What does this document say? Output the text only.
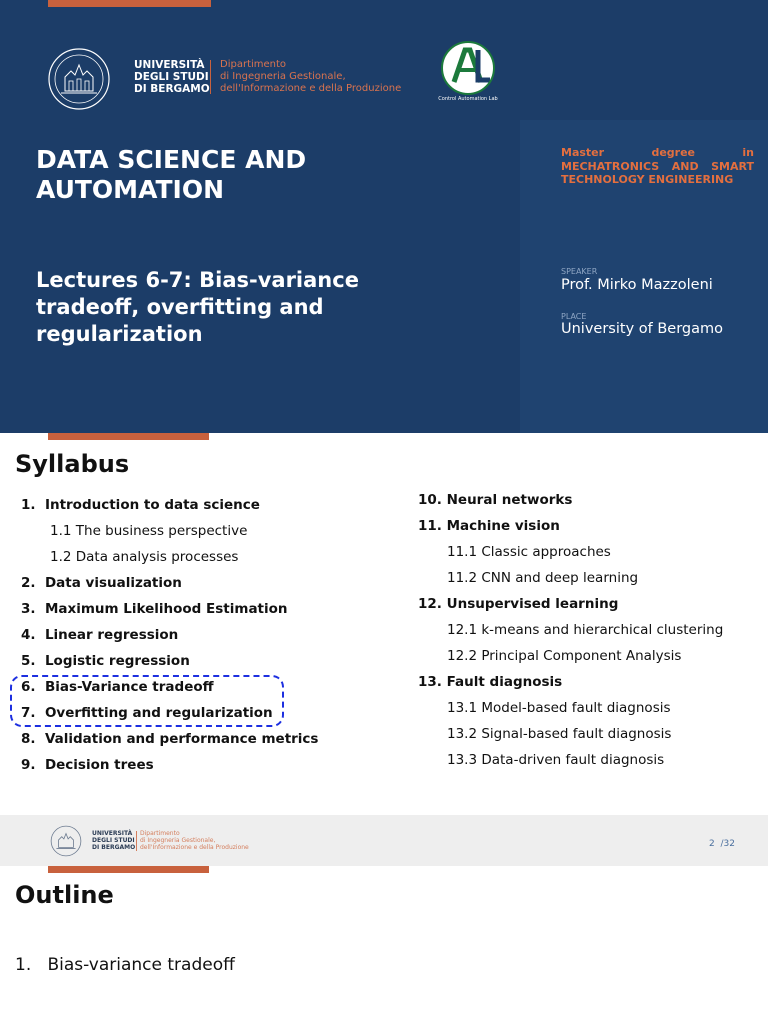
UNIVERSITÀ
DEGLI STUDI
DI BERGAMO
Dipartimento
di Ingegneria Gestionale,
dell'Informazione e della Produzione
Control Automation Lab
DATA SCIENCE AND
AUTOMATION
Lectures 6-7: Bias-variance
tradeoff, overfitting and
regularization
Master degree in
MECHATRONICS AND SMART
TECHNOLOGY ENGINEERING
SPEAKER
Prof. Mirko Mazzoleni
PLACE
University of Bergamo
Syllabus
1. Introduction to data science
1.1 The business perspective
1.2 Data analysis processes
2. Data visualization
3. Maximum Likelihood Estimation
4. Linear regression
5. Logistic regression
6. Bias-Variance tradeoff
7. Overfitting and regularization
8. Validation and performance metrics
9. Decision trees
10. Neural networks
11. Machine vision
11.1 Classic approaches
11.2 CNN and deep learning
12. Unsupervised learning
12.1 k-means and hierarchical clustering
12.2 Principal Component Analysis
13. Fault diagnosis
13.1 Model-based fault diagnosis
13.2 Signal-based fault diagnosis
13.3 Data-driven fault diagnosis
UNIVERSITÀ
DEGLI STUDI
DI BERGAMO
Dipartimento
di Ingegneria Gestionale,
dell'Informazione e della Produzione	2 /32
Outline
1. Bias-variance tradeoff
